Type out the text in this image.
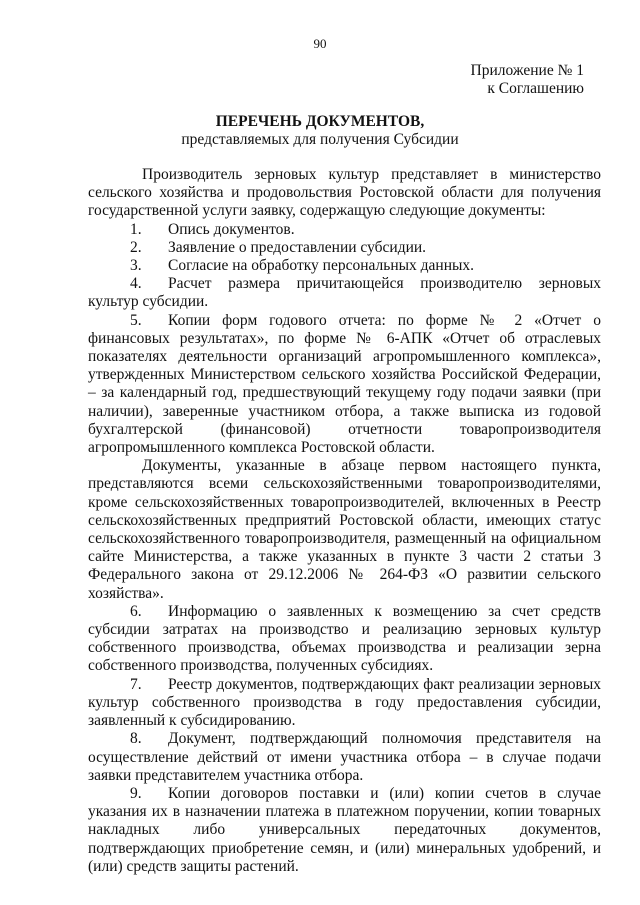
90
Приложение № 1
к Соглашению
ПЕРЕЧЕНЬ ДОКУМЕНТОВ,
представляемых для получения Субсидии

Производитель зерновых культур представляет в министерство сельского хозяйства и продовольствия Ростовской области для получения государственной услуги заявку, содержащую следующие документы:

1. Опись документов.

2. Заявление о предоставлении субсидии.

3. Согласие на обработку персональных данных.

4. Расчет размера причитающейся производителю зерновых культур субсидии.

5. Копии форм годового отчета: по форме № 2 «Отчет о финансовых результатах», по форме № 6-АПК «Отчет об отраслевых показателях деятельности организаций агропромышленного комплекса», утвержденных Министерством сельского хозяйства Российской Федерации, – за календарный год, предшествующий текущему году подачи заявки (при наличии), заверенные участником отбора, а также выписка из годовой бухгалтерской (финансовой) отчетности товаропроизводителя агропромышленного комплекса Ростовской области.

Документы, указанные в абзаце первом настоящего пункта, представляются всеми сельскохозяйственными товаропроизводителями, кроме сельскохозяйственных товаропроизводителей, включенных в Реестр сельскохозяйственных предприятий Ростовской области, имеющих статус сельскохозяйственного товаропроизводителя, размещенный на официальном сайте Министерства, а также указанных в пункте 3 части 2 статьи 3 Федерального закона от 29.12.2006 № 264-ФЗ «О развитии сельского хозяйства».

6. Информацию о заявленных к возмещению за счет средств субсидии затратах на производство и реализацию зерновых культур собственного производства, объемах производства и реализации зерна собственного производства, полученных субсидиях.

7. Реестр документов, подтверждающих факт реализации зерновых культур собственного производства в году предоставления субсидии, заявленный к субсидированию.

8. Документ, подтверждающий полномочия представителя на осуществление действий от имени участника отбора – в случае подачи заявки представителем участника отбора.

9. Копии договоров поставки и (или) копии счетов в случае указания их в назначении платежа в платежном поручении, копии товарных накладных либо универсальных передаточных документов, подтверждающих приобретение семян, и (или) минеральных удобрений, и (или) средств защиты растений.
